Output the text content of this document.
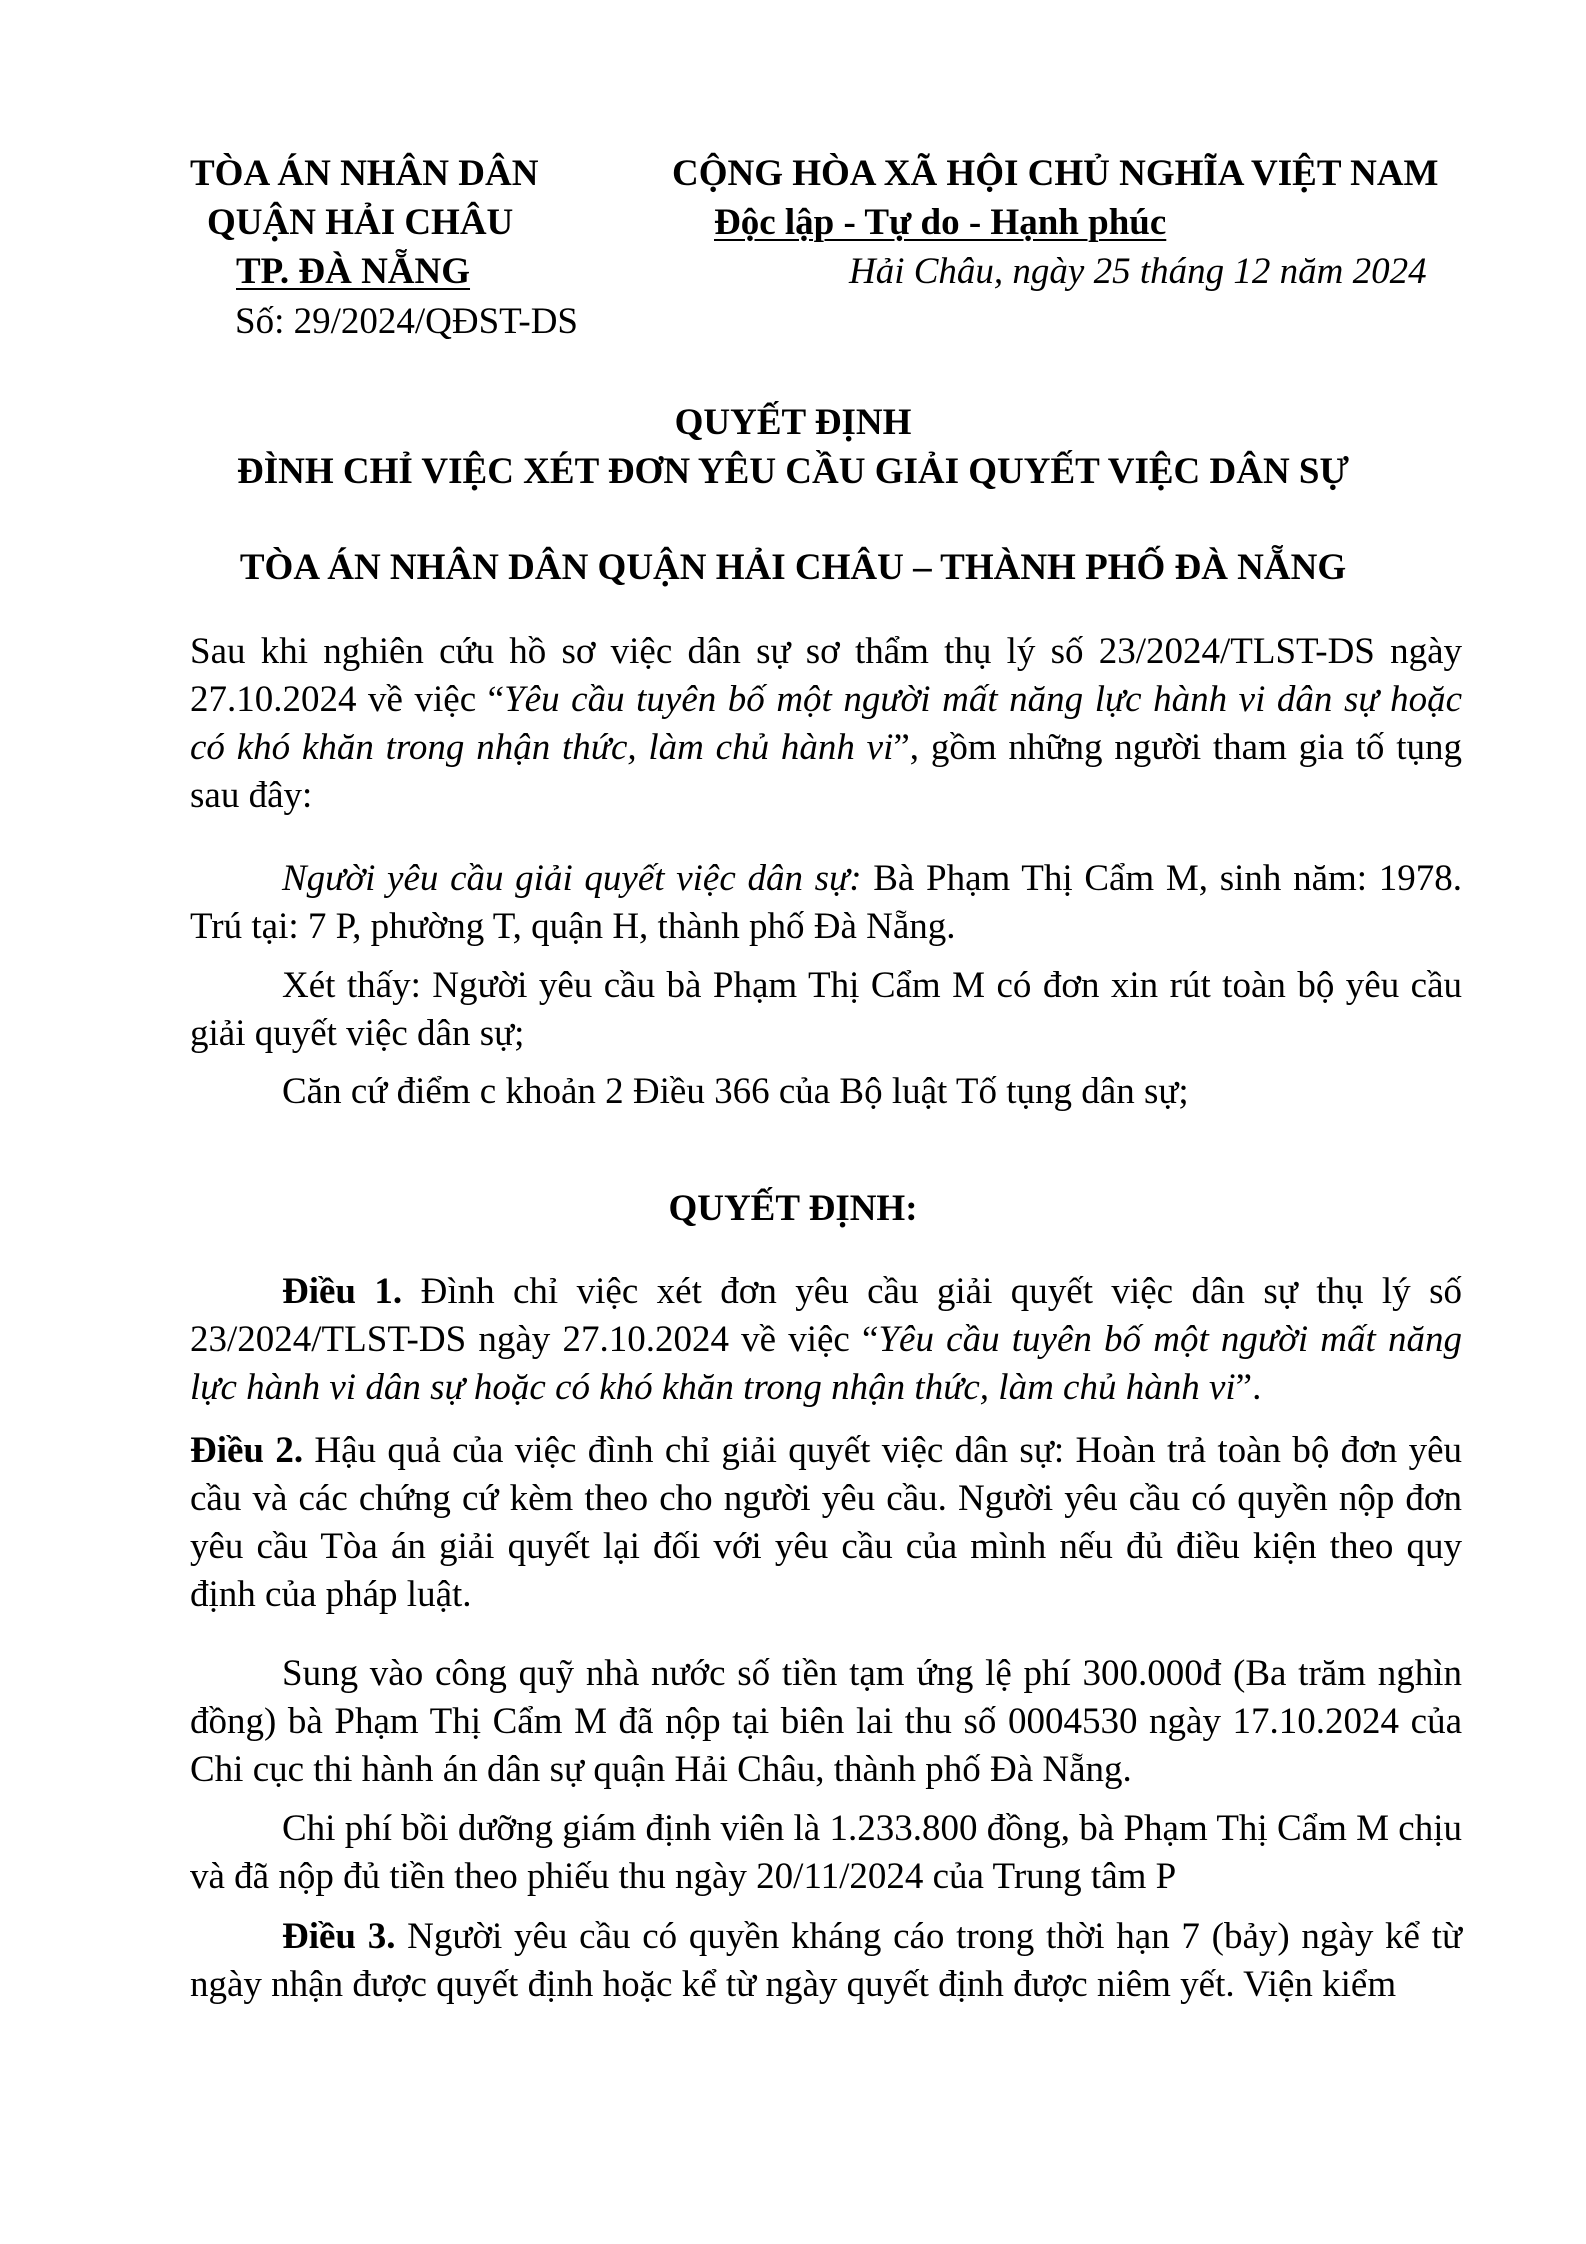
TÒA ÁN NHÂN DÂN
QUẬN HẢI CHÂU
TP. ĐÀ NẴNG
Số: 29/2024/QĐST-DS
CỘNG HÒA XÃ HỘI CHỦ NGHĨA VIỆT NAM
Độc lập - Tự do - Hạnh phúc
Hải Châu, ngày 25 tháng 12 năm 2024
QUYẾT ĐỊNH
ĐÌNH CHỈ VIỆC XÉT ĐƠN YÊU CẦU GIẢI QUYẾT VIỆC DÂN SỰ
TÒA ÁN NHÂN DÂN QUẬN HẢI CHÂU – THÀNH PHỐ ĐÀ NẴNG
Sau khi nghiên cứu hồ sơ việc dân sự sơ thẩm thụ lý số 23/2024/TLST-DS ngày 27.10.2024 về việc “Yêu cầu tuyên bố một người mất năng lực hành vi dân sự hoặc có khó khăn trong nhận thức, làm chủ hành vi”, gồm những người tham gia tố tụng sau đây:
Người yêu cầu giải quyết việc dân sự: Bà Phạm Thị Cẩm M, sinh năm: 1978. Trú tại: 7 P, phường T, quận H, thành phố Đà Nẵng.
Xét thấy: Người yêu cầu bà Phạm Thị Cẩm M có đơn xin rút toàn bộ yêu cầu giải quyết việc dân sự;
Căn cứ điểm c khoản 2 Điều 366 của Bộ luật Tố tụng dân sự;
QUYẾT ĐỊNH:
Điều 1. Đình chỉ việc xét đơn yêu cầu giải quyết việc dân sự thụ lý số 23/2024/TLST-DS ngày 27.10.2024 về việc “Yêu cầu tuyên bố một người mất năng lực hành vi dân sự hoặc có khó khăn trong nhận thức, làm chủ hành vi”.
Điều 2. Hậu quả của việc đình chỉ giải quyết việc dân sự: Hoàn trả toàn bộ đơn yêu cầu và các chứng cứ kèm theo cho người yêu cầu. Người yêu cầu có quyền nộp đơn yêu cầu Tòa án giải quyết lại đối với yêu cầu của mình nếu đủ điều kiện theo quy định của pháp luật.
Sung vào công quỹ nhà nước số tiền tạm ứng lệ phí 300.000đ (Ba trăm nghìn đồng) bà Phạm Thị Cẩm M đã nộp tại biên lai thu số 0004530 ngày 17.10.2024 của Chi cục thi hành án dân sự quận Hải Châu, thành phố Đà Nẵng.
Chi phí bồi dưỡng giám định viên là 1.233.800 đồng, bà Phạm Thị Cẩm M chịu và đã nộp đủ tiền theo phiếu thu ngày 20/11/2024 của Trung tâm P
Điều 3. Người yêu cầu có quyền kháng cáo trong thời hạn 7 (bảy) ngày kể từ ngày nhận được quyết định hoặc kể từ ngày quyết định được niêm yết. Viện kiểm
